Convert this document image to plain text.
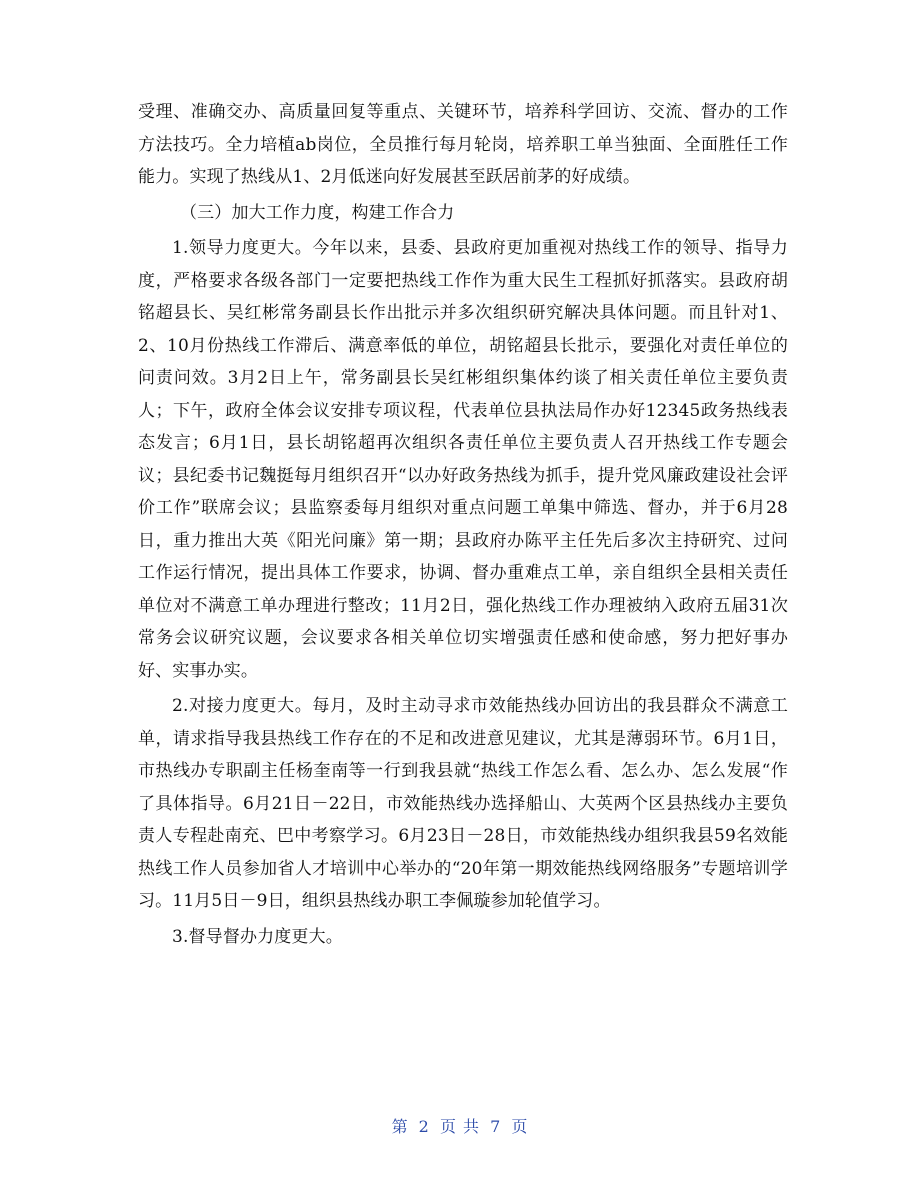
受理、准确交办、高质量回复等重点、关键环节，培养科学回访、交流、督办的工作方法技巧。全力培植ab岗位，全员推行每月轮岗，培养职工单当独面、全面胜任工作能力。实现了热线从1、2月低迷向好发展甚至跃居前茅的好成绩。

（三）加大工作力度，构建工作合力

1.领导力度更大。今年以来，县委、县政府更加重视对热线工作的领导、指导力度，严格要求各级各部门一定要把热线工作作为重大民生工程抓好抓落实。县政府胡铭超县长、吴红彬常务副县长作出批示并多次组织研究解决具体问题。而且针对1、2、10月份热线工作滞后、满意率低的单位，胡铭超县长批示，要强化对责任单位的问责问效。3月2日上午，常务副县长吴红彬组织集体约谈了相关责任单位主要负责人；下午，政府全体会议安排专项议程，代表单位县执法局作办好12345政务热线表态发言；6月1日，县长胡铭超再次组织各责任单位主要负责人召开热线工作专题会议；县纪委书记魏挺每月组织召开“以办好政务热线为抓手，提升党风廉政建设社会评价工作”联席会议；县监察委每月组织对重点问题工单集中筛选、督办，并于6月28日，重力推出大英《阳光问廉》第一期；县政府办陈平主任先后多次主持研究、过问工作运行情况，提出具体工作要求，协调、督办重难点工单，亲自组织全县相关责任单位对不满意工单办理进行整改；11月2日，强化热线工作办理被纳入政府五届31次常务会议研究议题，会议要求各相关单位切实增强责任感和使命感，努力把好事办好、实事办实。

2.对接力度更大。每月，及时主动寻求市效能热线办回访出的我县群众不满意工单，请求指导我县热线工作存在的不足和改进意见建议，尤其是薄弱环节。6月1日，市热线办专职副主任杨奎南等一行到我县就“热线工作怎么看、怎么办、怎么发展“作了具体指导。6月21日－22日，市效能热线办选择船山、大英两个区县热线办主要负责人专程赴南充、巴中考察学习。6月23日－28日，市效能热线办组织我县59名效能热线工作人员参加省人才培训中心举办的“20年第一期效能热线网络服务”专题培训学习。11月5日－9日，组织县热线办职工李佩璇参加轮值学习。

3.督导督办力度更大。

第 2 页 共 7 页
